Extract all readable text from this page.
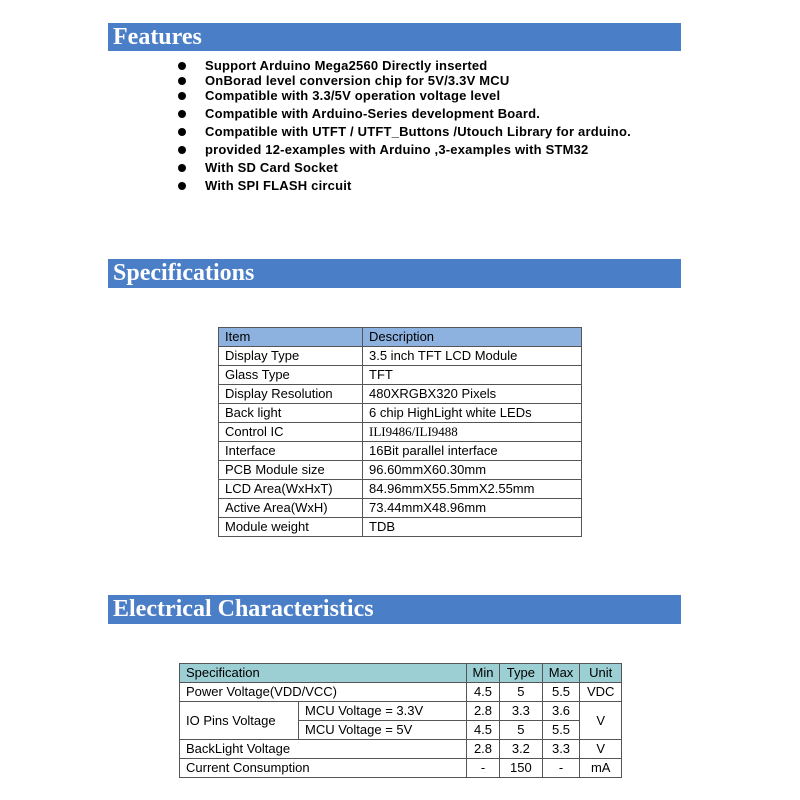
Features
Support Arduino Mega2560 Directly inserted
OnBorad level conversion chip for 5V/3.3V MCU
Compatible with 3.3/5V operation voltage level
Compatible with Arduino-Series development Board.
Compatible with UTFT / UTFT_Buttons /Utouch Library for arduino.
provided 12-examples with Arduino ,3-examples with STM32
With SD Card Socket
With SPI FLASH circuit
Specifications
Item	Description
Display Type	3.5 inch TFT LCD Module
Glass Type	TFT
Display Resolution	480XRGBX320 Pixels
Back light	6 chip HighLight white LEDs
Control IC	ILI9486/ILI9488
Interface	16Bit parallel interface
PCB Module size	96.60mmX60.30mm
LCD Area(WxHxT)	84.96mmX55.5mmX2.55mm
Active Area(WxH)	73.44mmX48.96mm
Module weight	TDB
Electrical Characteristics
Specification		Min	Type	Max	Unit
Power Voltage(VDD/VCC)		4.5	5	5.5	VDC
IO Pins Voltage	MCU Voltage = 3.3V	2.8	3.3	3.6	V
	MCU Voltage = 5V	4.5	5	5.5	
BackLight Voltage		2.8	3.2	3.3	V
Current Consumption		-	150	-	mA
